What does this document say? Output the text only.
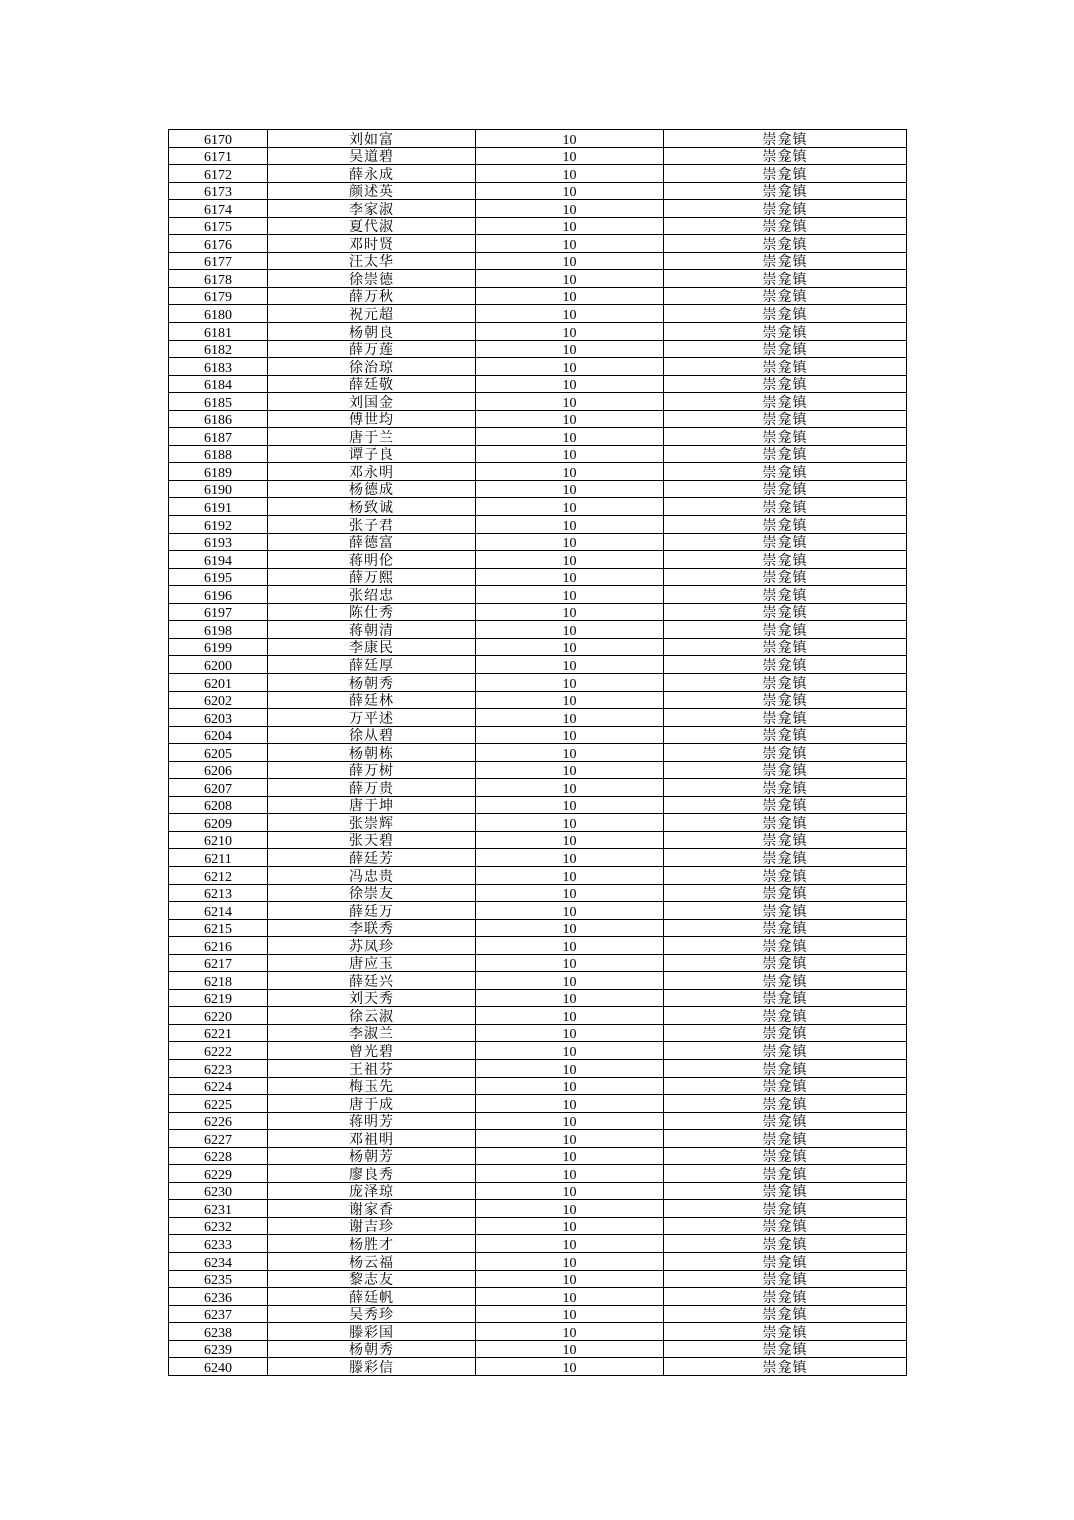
6170	刘如富	10	崇龛镇
6171	吴道碧	10	崇龛镇
6172	薛永成	10	崇龛镇
6173	颜述英	10	崇龛镇
6174	李家淑	10	崇龛镇
6175	夏代淑	10	崇龛镇
6176	邓时贤	10	崇龛镇
6177	汪太华	10	崇龛镇
6178	徐崇德	10	崇龛镇
6179	薛万秋	10	崇龛镇
6180	祝元超	10	崇龛镇
6181	杨朝良	10	崇龛镇
6182	薛万莲	10	崇龛镇
6183	徐治琼	10	崇龛镇
6184	薛廷敬	10	崇龛镇
6185	刘国金	10	崇龛镇
6186	傅世均	10	崇龛镇
6187	唐于兰	10	崇龛镇
6188	谭子良	10	崇龛镇
6189	邓永明	10	崇龛镇
6190	杨德成	10	崇龛镇
6191	杨致诚	10	崇龛镇
6192	张子君	10	崇龛镇
6193	薛德富	10	崇龛镇
6194	蒋明伦	10	崇龛镇
6195	薛万熙	10	崇龛镇
6196	张绍忠	10	崇龛镇
6197	陈仕秀	10	崇龛镇
6198	蒋朝清	10	崇龛镇
6199	李康民	10	崇龛镇
6200	薛廷厚	10	崇龛镇
6201	杨朝秀	10	崇龛镇
6202	薛廷林	10	崇龛镇
6203	万平述	10	崇龛镇
6204	徐从碧	10	崇龛镇
6205	杨朝栋	10	崇龛镇
6206	薛万树	10	崇龛镇
6207	薛万贵	10	崇龛镇
6208	唐于坤	10	崇龛镇
6209	张崇辉	10	崇龛镇
6210	张天碧	10	崇龛镇
6211	薛廷芳	10	崇龛镇
6212	冯忠贵	10	崇龛镇
6213	徐崇友	10	崇龛镇
6214	薛廷万	10	崇龛镇
6215	李联秀	10	崇龛镇
6216	苏凤珍	10	崇龛镇
6217	唐应玉	10	崇龛镇
6218	薛廷兴	10	崇龛镇
6219	刘天秀	10	崇龛镇
6220	徐云淑	10	崇龛镇
6221	李淑兰	10	崇龛镇
6222	曾光碧	10	崇龛镇
6223	王祖芬	10	崇龛镇
6224	梅玉先	10	崇龛镇
6225	唐于成	10	崇龛镇
6226	蒋明芳	10	崇龛镇
6227	邓祖明	10	崇龛镇
6228	杨朝芳	10	崇龛镇
6229	廖良秀	10	崇龛镇
6230	庞泽琼	10	崇龛镇
6231	谢家香	10	崇龛镇
6232	谢吉珍	10	崇龛镇
6233	杨胜才	10	崇龛镇
6234	杨云福	10	崇龛镇
6235	黎志友	10	崇龛镇
6236	薛廷帆	10	崇龛镇
6237	吴秀珍	10	崇龛镇
6238	滕彩国	10	崇龛镇
6239	杨朝秀	10	崇龛镇
6240	滕彩信	10	崇龛镇
